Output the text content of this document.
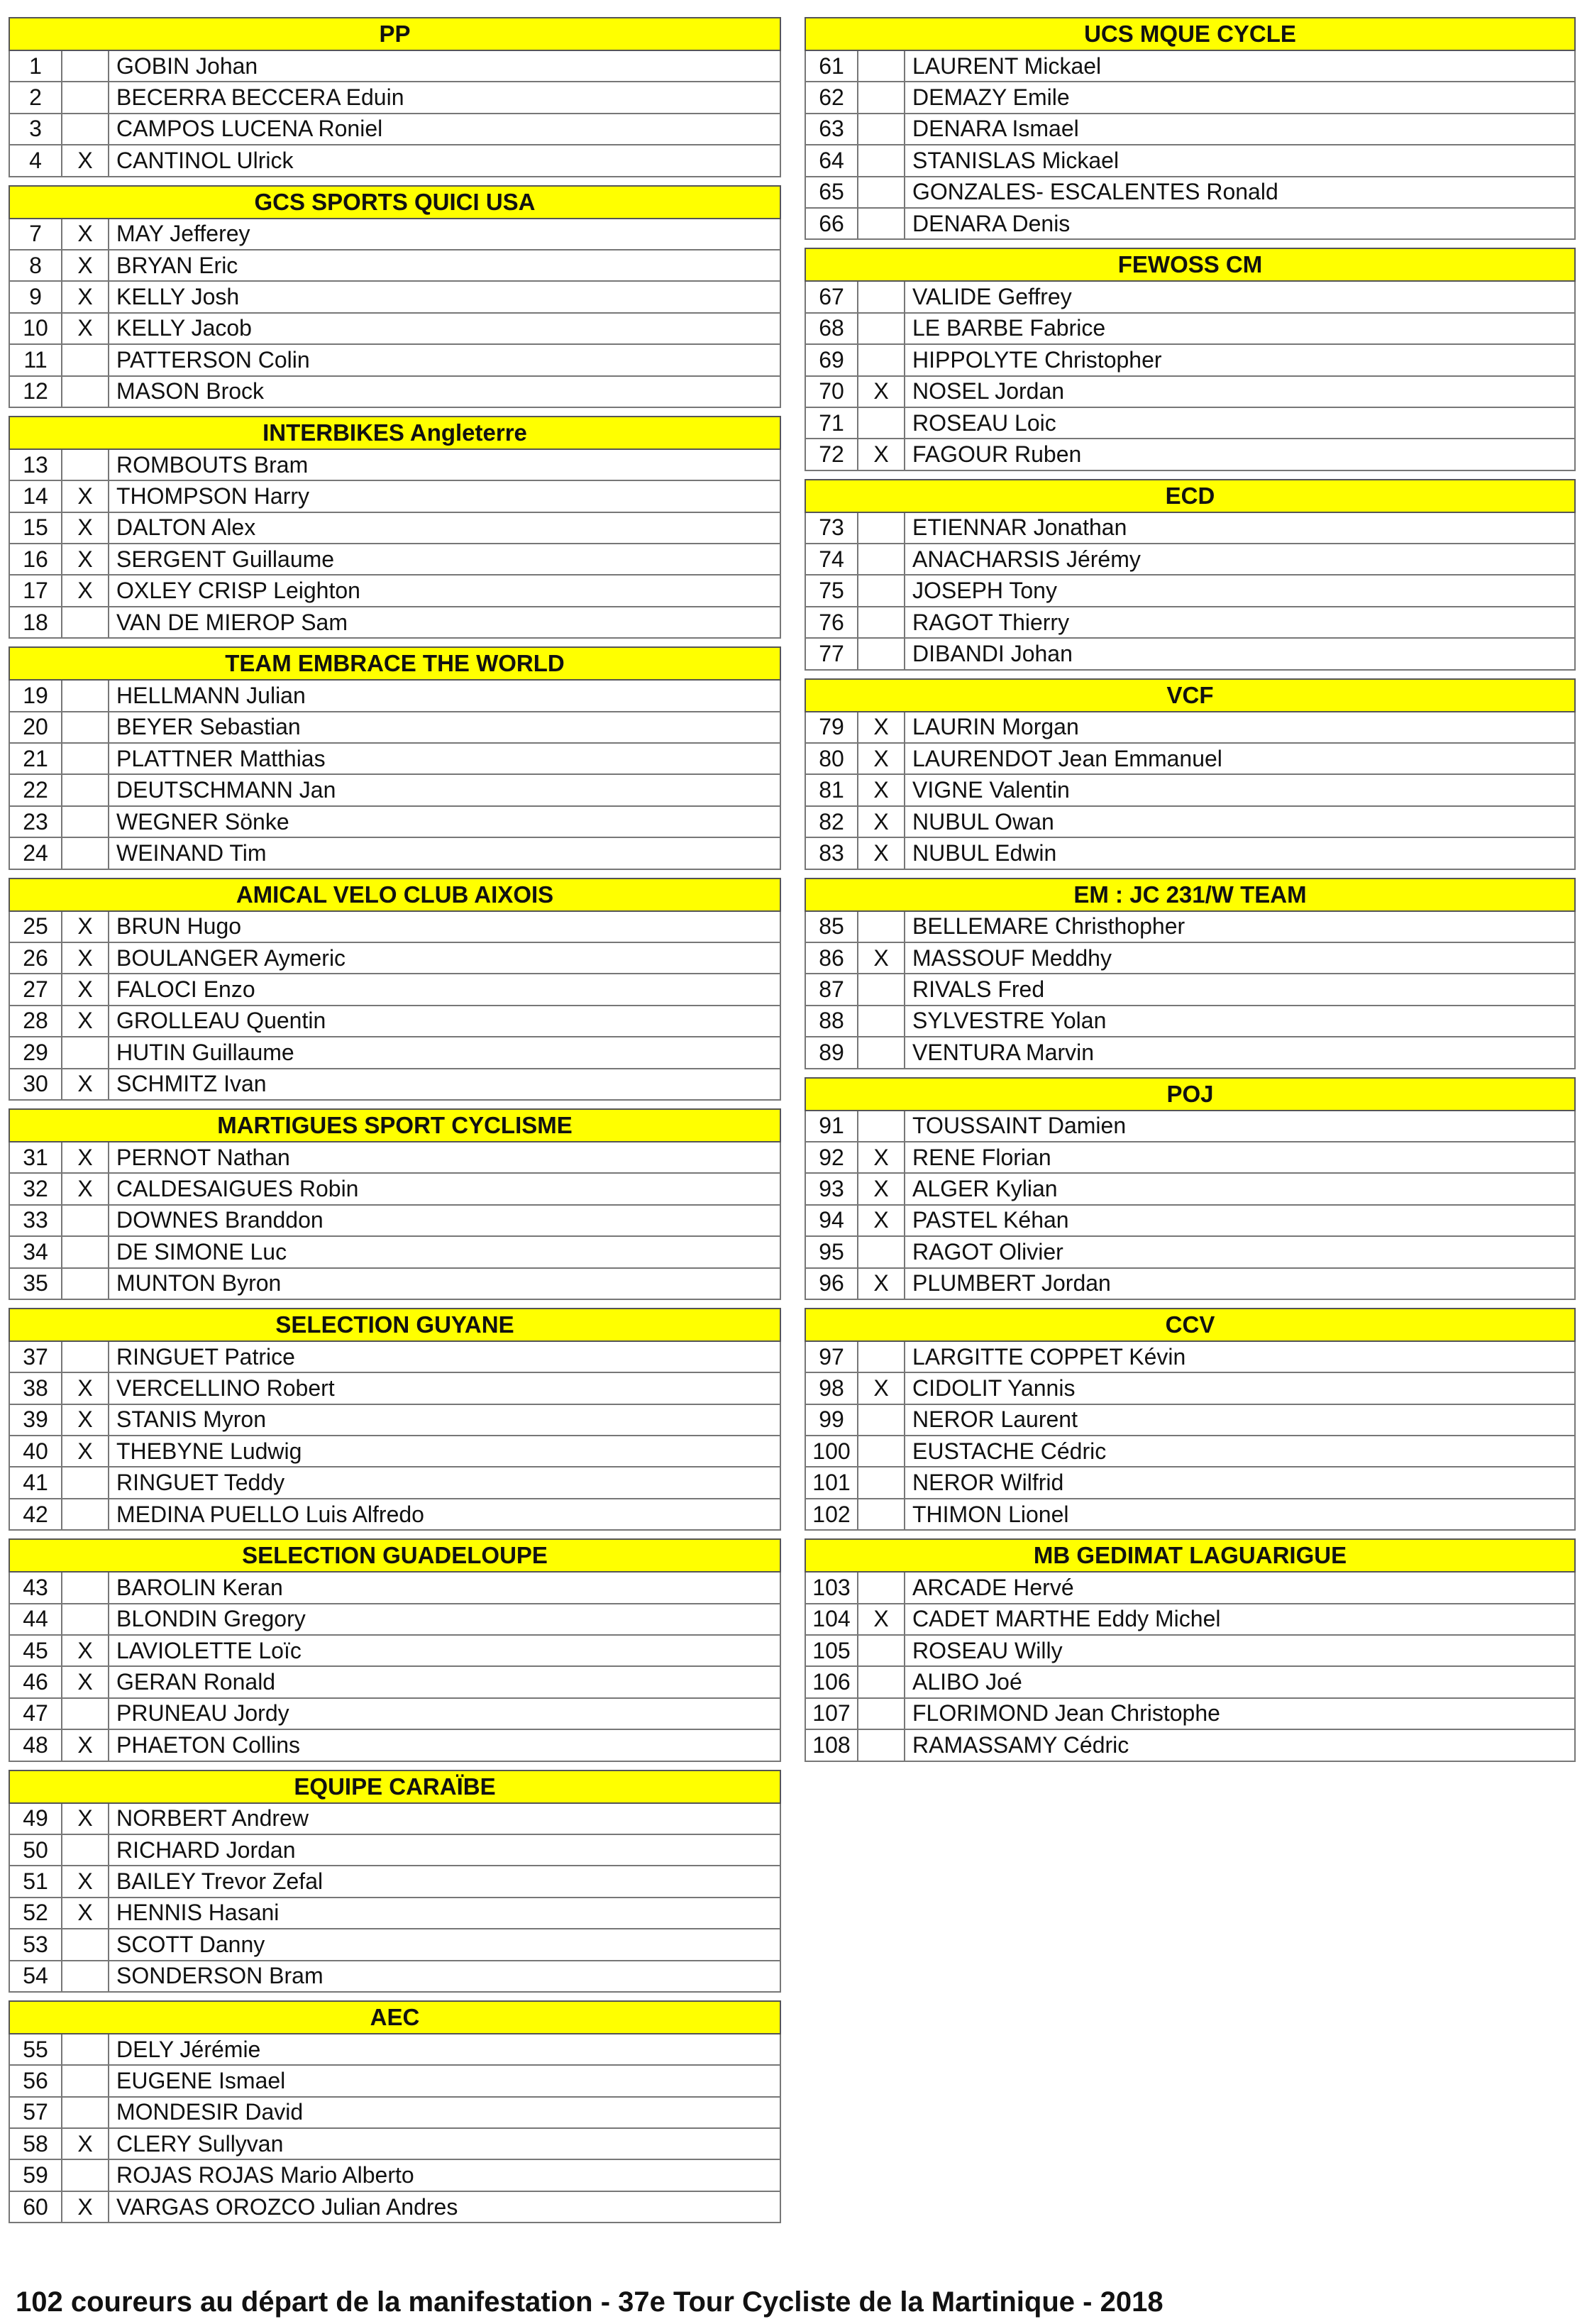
PP
1	GOBIN Johan
2	BECERRA BECCERA Eduin
3	CAMPOS LUCENA Roniel
4	X	CANTINOL Ulrick
GCS SPORTS QUICI USA
7	X	MAY Jefferey
8	X	BRYAN Eric
9	X	KELLY Josh
10	X	KELLY Jacob
11	PATTERSON Colin
12	MASON Brock
INTERBIKES Angleterre
13	ROMBOUTS Bram
14	X	THOMPSON Harry
15	X	DALTON Alex
16	X	SERGENT Guillaume
17	X	OXLEY CRISP Leighton
18	VAN DE MIEROP Sam
TEAM EMBRACE THE WORLD
19	HELLMANN Julian
20	BEYER Sebastian
21	PLATTNER Matthias
22	DEUTSCHMANN Jan
23	WEGNER Sönke
24	WEINAND Tim
AMICAL VELO CLUB AIXOIS
25	X	BRUN Hugo
26	X	BOULANGER Aymeric
27	X	FALOCI Enzo
28	X	GROLLEAU Quentin
29	HUTIN Guillaume
30	X	SCHMITZ Ivan
MARTIGUES SPORT CYCLISME
31	X	PERNOT Nathan
32	X	CALDESAIGUES Robin
33	DOWNES Branddon
34	DE SIMONE Luc
35	MUNTON Byron
SELECTION GUYANE
37	RINGUET Patrice
38	X	VERCELLINO Robert
39	X	STANIS Myron
40	X	THEBYNE Ludwig
41	RINGUET Teddy
42	MEDINA PUELLO Luis Alfredo
SELECTION GUADELOUPE
43	BAROLIN Keran
44	BLONDIN Gregory
45	X	LAVIOLETTE Loïc
46	X	GERAN Ronald
47	PRUNEAU Jordy
48	X	PHAETON Collins
EQUIPE CARAÏBE
49	X	NORBERT Andrew
50	RICHARD Jordan
51	X	BAILEY Trevor Zefal
52	X	HENNIS Hasani
53	SCOTT Danny
54	SONDERSON Bram
AEC
55	DELY Jérémie
56	EUGENE Ismael
57	MONDESIR David
58	X	CLERY Sullyvan
59	ROJAS ROJAS Mario Alberto
60	X	VARGAS OROZCO Julian Andres
UCS MQUE CYCLE
61	LAURENT Mickael
62	DEMAZY Emile
63	DENARA Ismael
64	STANISLAS Mickael
65	GONZALES- ESCALENTES Ronald
66	DENARA Denis
FEWOSS CM
67	VALIDE Geffrey
68	LE BARBE Fabrice
69	HIPPOLYTE Christopher
70	X	NOSEL Jordan
71	ROSEAU Loic
72	X	FAGOUR Ruben
ECD
73	ETIENNAR Jonathan
74	ANACHARSIS Jérémy
75	JOSEPH Tony
76	RAGOT Thierry
77	DIBANDI Johan
VCF
79	X	LAURIN Morgan
80	X	LAURENDOT Jean Emmanuel
81	X	VIGNE Valentin
82	X	NUBUL Owan
83	X	NUBUL Edwin
EM : JC 231/W TEAM
85	BELLEMARE Christhopher
86	X	MASSOUF Meddhy
87	RIVALS Fred
88	SYLVESTRE Yolan
89	VENTURA Marvin
POJ
91	TOUSSAINT Damien
92	X	RENE Florian
93	X	ALGER Kylian
94	X	PASTEL Kéhan
95	RAGOT Olivier
96	X	PLUMBERT Jordan
CCV
97	LARGITTE COPPET Kévin
98	X	CIDOLIT Yannis
99	NEROR Laurent
100	EUSTACHE Cédric
101	NEROR Wilfrid
102	THIMON Lionel
MB GEDIMAT LAGUARIGUE
103	ARCADE Hervé
104	X	CADET MARTHE Eddy Michel
105	ROSEAU Willy
106	ALIBO Joé
107	FLORIMOND Jean Christophe
108	RAMASSAMY Cédric
102 coureurs au départ de la manifestation - 37e Tour Cycliste de la Martinique - 2018
